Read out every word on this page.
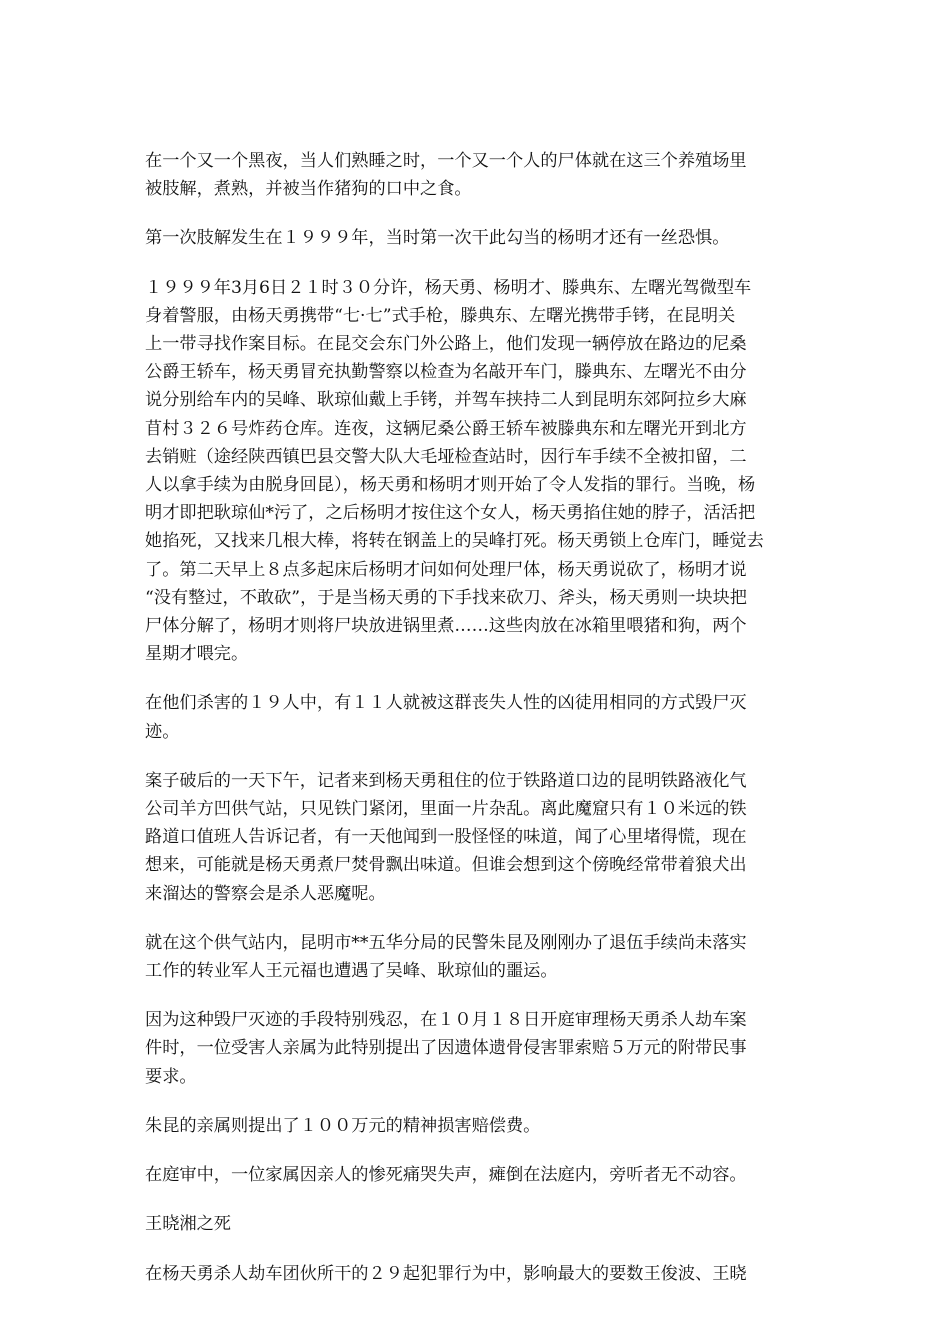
在一个又一个黑夜，当人们熟睡之时，一个又一个人的尸体就在这三个养殖场里
被肢解，煮熟，并被当作猪狗的口中之食。

第一次肢解发生在１９９９年，当时第一次干此勾当的杨明才还有一丝恐惧。

１９９９年3月6日２１时３０分许，杨天勇、杨明才、滕典东、左曙光驾微型车
身着警服，由杨天勇携带“七·七”式手枪，滕典东、左曙光携带手铐，在昆明关
上一带寻找作案目标。在昆交会东门外公路上，他们发现一辆停放在路边的尼桑
公爵王轿车，杨天勇冒充执勤警察以检查为名敲开车门，滕典东、左曙光不由分
说分别给车内的吴峰、耿琼仙戴上手铐，并驾车挟持二人到昆明东郊阿拉乡大麻
苜村３２６号炸药仓库。连夜，这辆尼桑公爵王轿车被滕典东和左曙光开到北方
去销赃（途经陕西镇巴县交警大队大毛垭检查站时，因行车手续不全被扣留，二
人以拿手续为由脱身回昆），杨天勇和杨明才则开始了令人发指的罪行。当晚，杨
明才即把耿琼仙*污了，之后杨明才按住这个女人，杨天勇掐住她的脖子，活活把
她掐死，又找来几根大棒，将转在钢盖上的吴峰打死。杨天勇锁上仓库门，睡觉去
了。第二天早上８点多起床后杨明才问如何处理尸体，杨天勇说砍了，杨明才说
“没有整过，不敢砍”，于是当杨天勇的下手找来砍刀、斧头，杨天勇则一块块把
尸体分解了，杨明才则将尸块放进锅里煮……这些肉放在冰箱里喂猪和狗，两个
星期才喂完。

在他们杀害的１９人中，有１１人就被这群丧失人性的凶徒用相同的方式毁尸灭
迹。

案子破后的一天下午，记者来到杨天勇租住的位于铁路道口边的昆明铁路液化气
公司羊方凹供气站，只见铁门紧闭，里面一片杂乱。离此魔窟只有１０米远的铁
路道口值班人告诉记者，有一天他闻到一股怪怪的味道，闻了心里堵得慌，现在
想来，可能就是杨天勇煮尸焚骨飘出味道。但谁会想到这个傍晚经常带着狼犬出
来溜达的警察会是杀人恶魔呢。

就在这个供气站内，昆明市**五华分局的民警朱昆及刚刚办了退伍手续尚未落实
工作的转业军人王元福也遭遇了吴峰、耿琼仙的噩运。

因为这种毁尸灭迹的手段特别残忍，在１０月１８日开庭审理杨天勇杀人劫车案
件时，一位受害人亲属为此特别提出了因遗体遗骨侵害罪索赔５万元的附带民事
要求。

朱昆的亲属则提出了１００万元的精神损害赔偿费。

在庭审中，一位家属因亲人的惨死痛哭失声，瘫倒在法庭内，旁听者无不动容。

王晓湘之死

在杨天勇杀人劫车团伙所干的２９起犯罪行为中，影响最大的要数王俊波、王晓
